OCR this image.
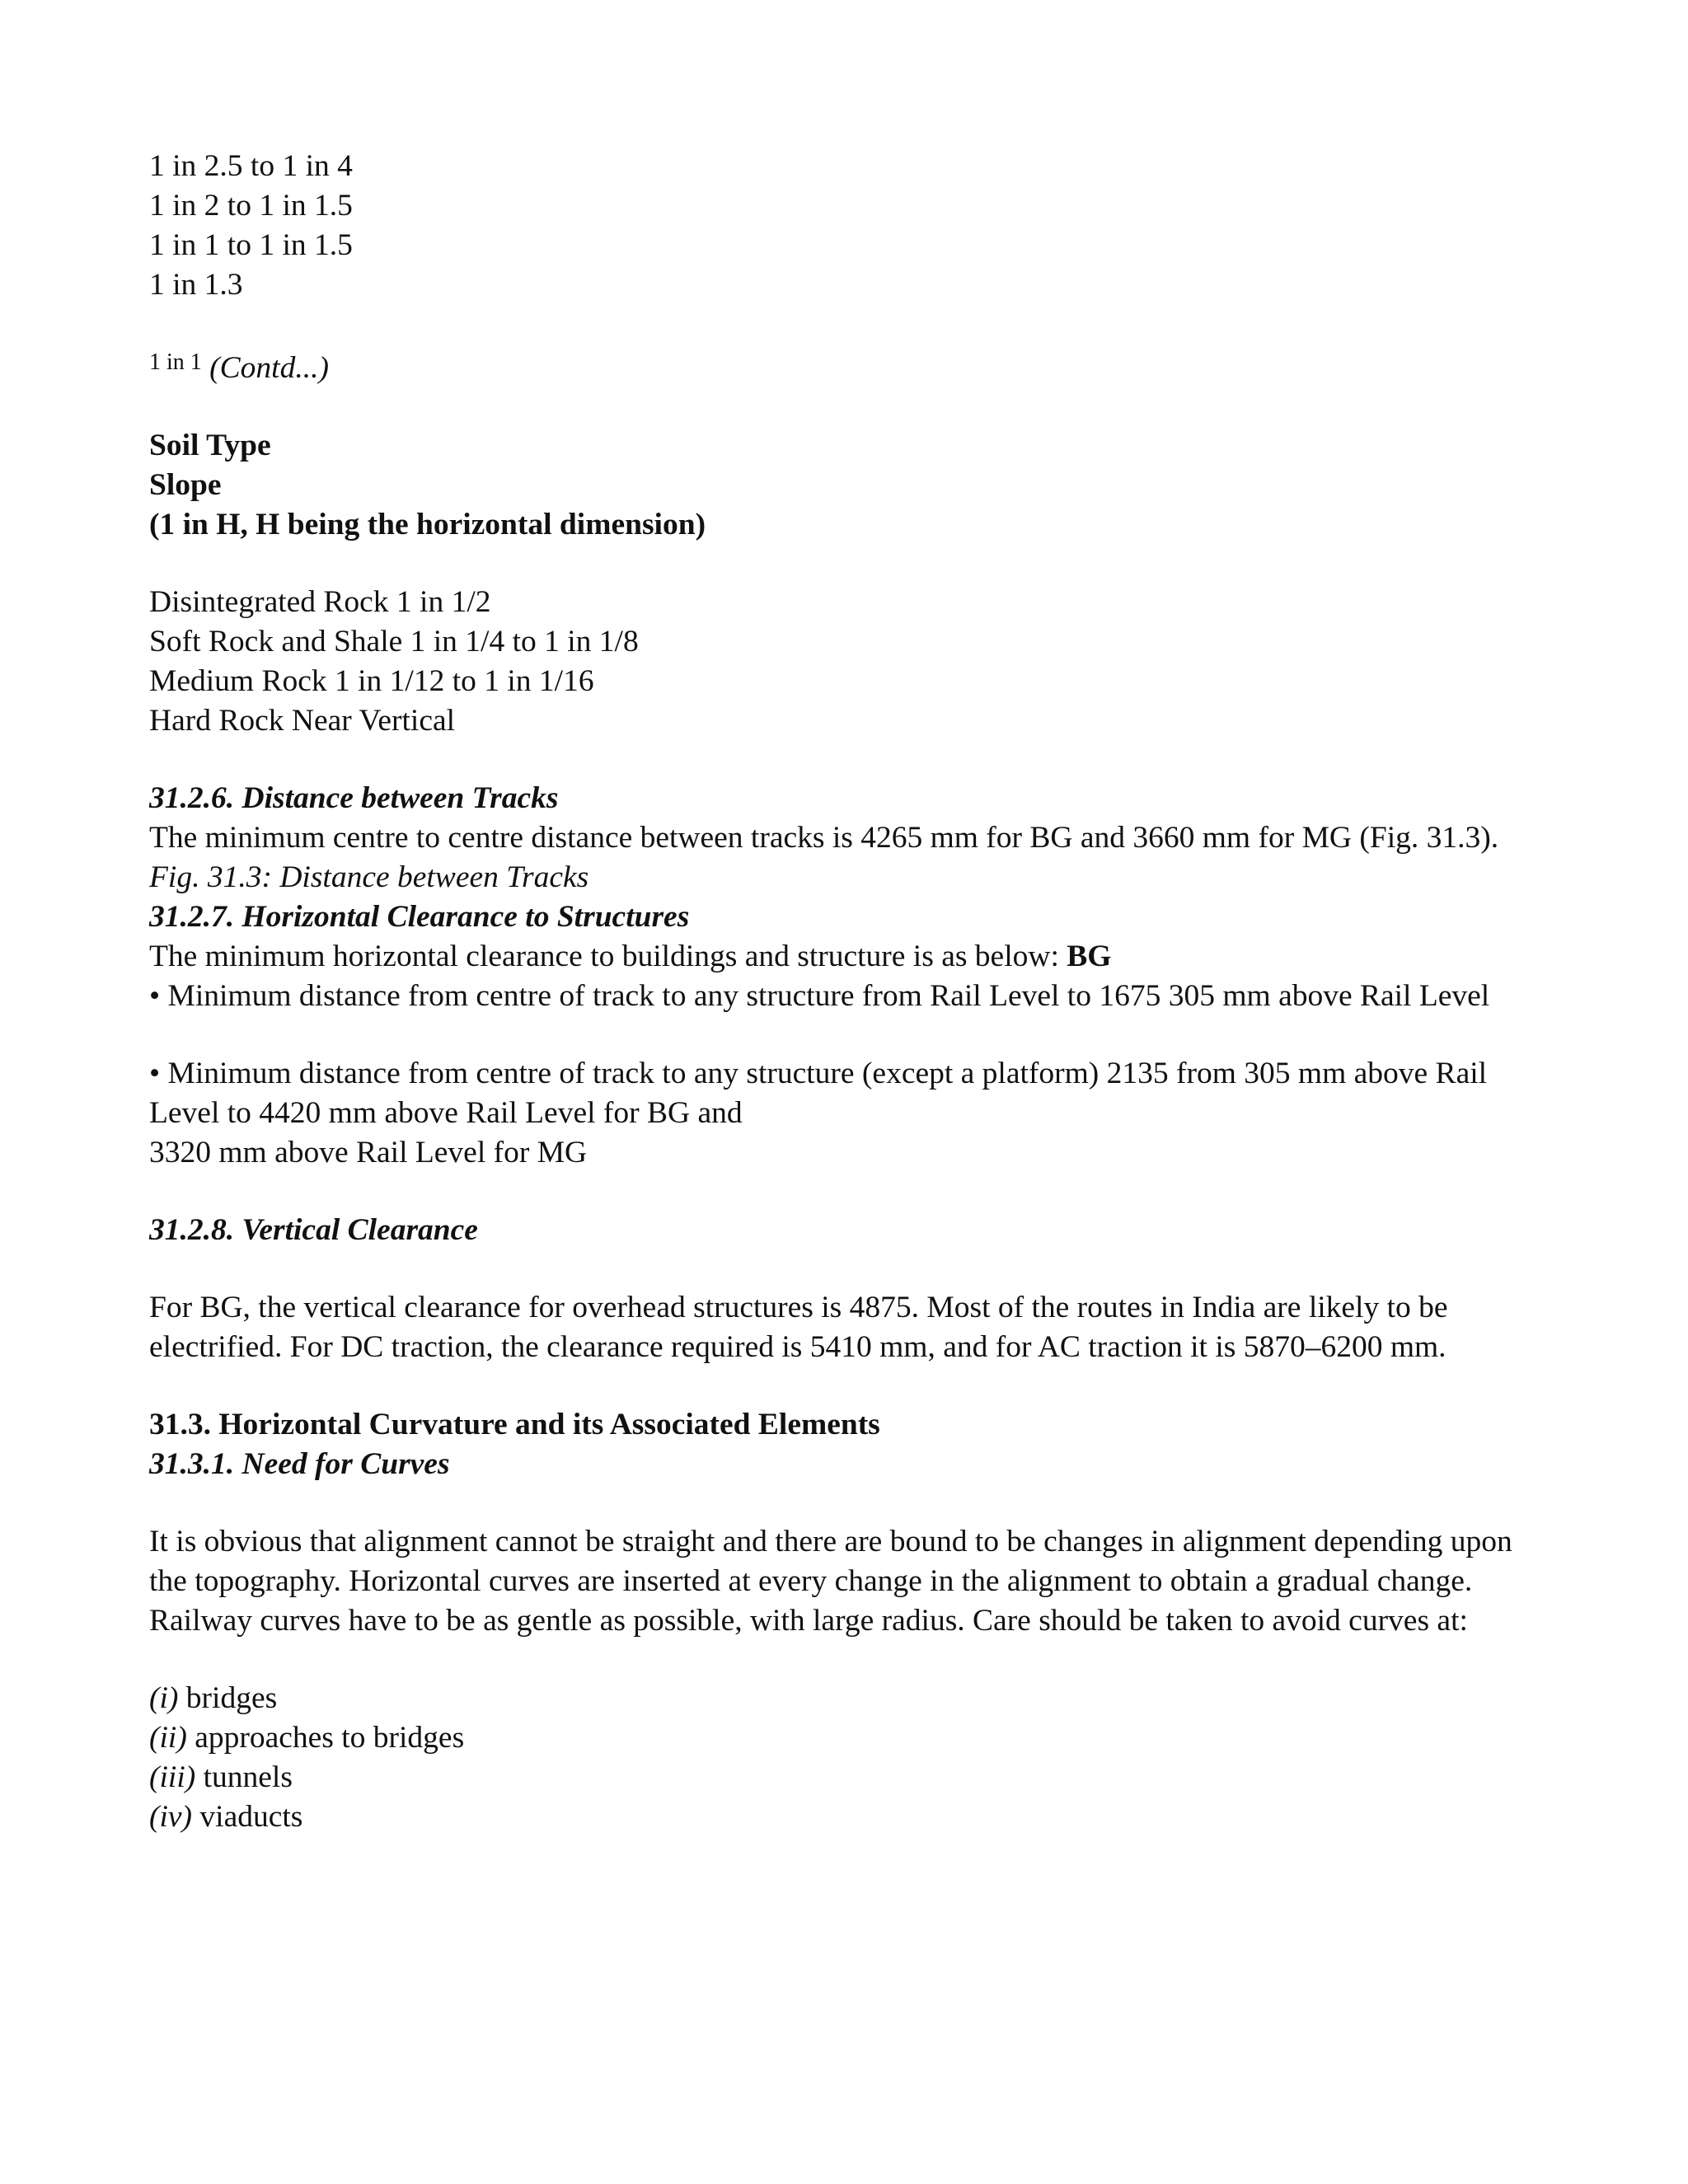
1 in 2.5 to 1 in 4
1 in 2 to 1 in 1.5
1 in 1 to 1 in 1.5
1 in 1.3
$^{1 in 1}$ (Contd...)
Soil Type
Slope
(1 in H, H being the horizontal dimension)
Disintegrated Rock 1 in 1/2
Soft Rock and Shale 1 in 1/4 to 1 in 1/8
Medium Rock 1 in 1/12 to 1 in 1/16
Hard Rock Near Vertical
31.2.6. Distance between Tracks
The minimum centre to centre distance between tracks is 4265 mm for BG and 3660 mm for MG (Fig. 31.3).
Fig. 31.3: Distance between Tracks
31.2.7. Horizontal Clearance to Structures
The minimum horizontal clearance to buildings and structure is as below: BG
• Minimum distance from centre of track to any structure from Rail Level to 1675 305 mm above Rail Level
• Minimum distance from centre of track to any structure (except a platform) 2135 from 305 mm above Rail Level to 4420 mm above Rail Level for BG and
3320 mm above Rail Level for MG
31.2.8. Vertical Clearance
For BG, the vertical clearance for overhead structures is 4875. Most of the routes in India are likely to be electrified. For DC traction, the clearance required is 5410 mm, and for AC traction it is 5870–6200 mm.
31.3. Horizontal Curvature and its Associated Elements
31.3.1. Need for Curves
It is obvious that alignment cannot be straight and there are bound to be changes in alignment depending upon the topography. Horizontal curves are inserted at every change in the alignment to obtain a gradual change. Railway curves have to be as gentle as possible, with large radius. Care should be taken to avoid curves at:
(i) bridges
(ii) approaches to bridges
(iii) tunnels
(iv) viaducts
